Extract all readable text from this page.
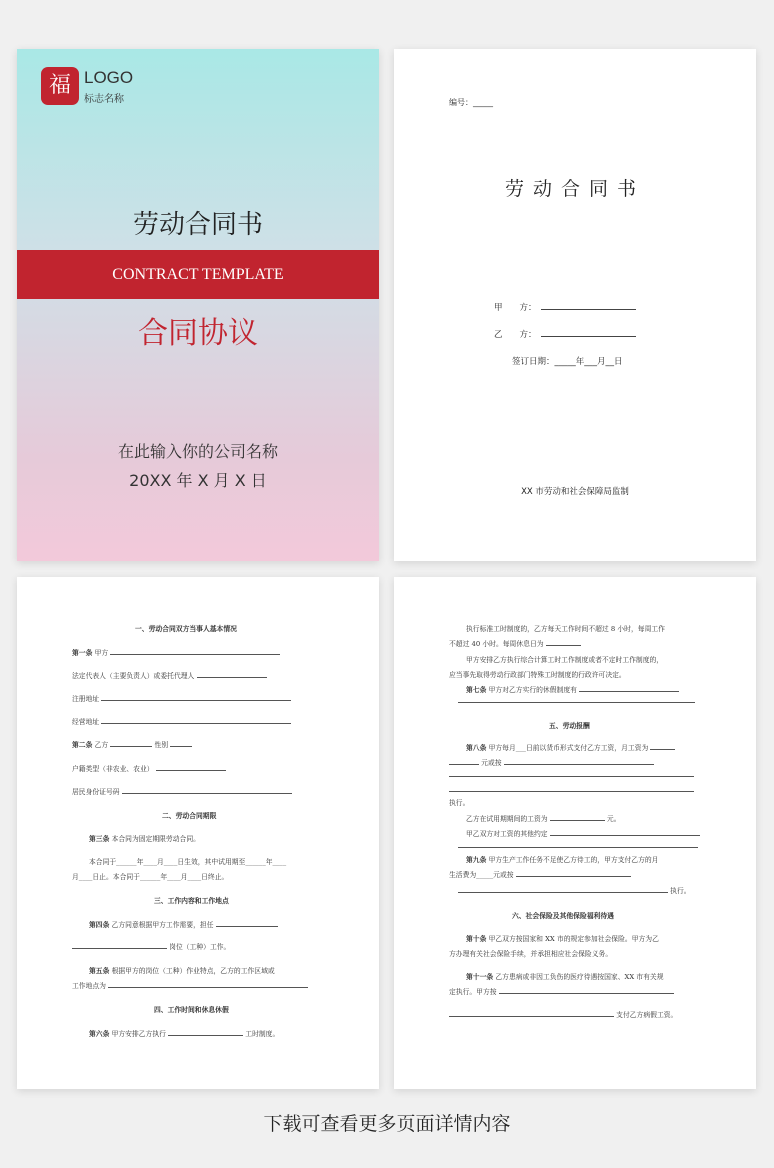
福 LOGO
标志名称
劳动合同书
CONTRACT TEMPLATE
合同协议
在此输入你的公司名称
20XX 年 X 月 X 日

编号：_____
劳动合同书
甲　　方：
乙　　方：
签订日期：_____年___月__日
XX 市劳动和社会保障局监制
一、劳动合同双方当事人基本情况
第一条 甲方
法定代表人（主要负责人）或委托代理人
注册地址
经营地址
第二条 乙方	性别
户籍类型（非农业、农业）
居民身份证号码
二、劳动合同期限
第三条 本合同为固定期限劳动合同。
本合同于______年____月____日生效，其中试用期至______年____
月____日止。本合同于______年____月____日终止。
三、工作内容和工作地点
第四条 乙方同意根据甲方工作需要，担任
岗位（工种）工作。
第五条 根据甲方的岗位（工种）作业特点，乙方的工作区域或
工作地点为
四、工作时间和休息休假
第六条 甲方安排乙方执行	工时制度。
执行标准工时制度的，乙方每天工作时间不超过 8 小时，每周工作
不超过 40 小时。每周休息日为
甲方安排乙方执行综合计算工时工作制度或者不定时工作制度的，
应当事先取得劳动行政部门特殊工时制度的行政许可决定。
第七条 甲方对乙方实行的休假制度有
五、劳动报酬
第八条 甲方每月___日前以货币形式支付乙方工资，月工资为
元或按
执行。
乙方在试用期期间的工资为	元。
甲乙双方对工资的其他约定
第九条 甲方生产工作任务不足使乙方待工的，甲方支付乙方的月
生活费为_____元或按
执行。
六、社会保险及其他保险福利待遇
第十条 甲乙双方按国家和 XX 市的规定参加社会保险。甲方为乙
方办理有关社会保险手续，并承担相应社会保险义务。
第十一条 乙方患病或非因工负伤的医疗待遇按国家、XX 市有关规
定执行。甲方按
支付乙方病假工资。
下载可查看更多页面详情内容
